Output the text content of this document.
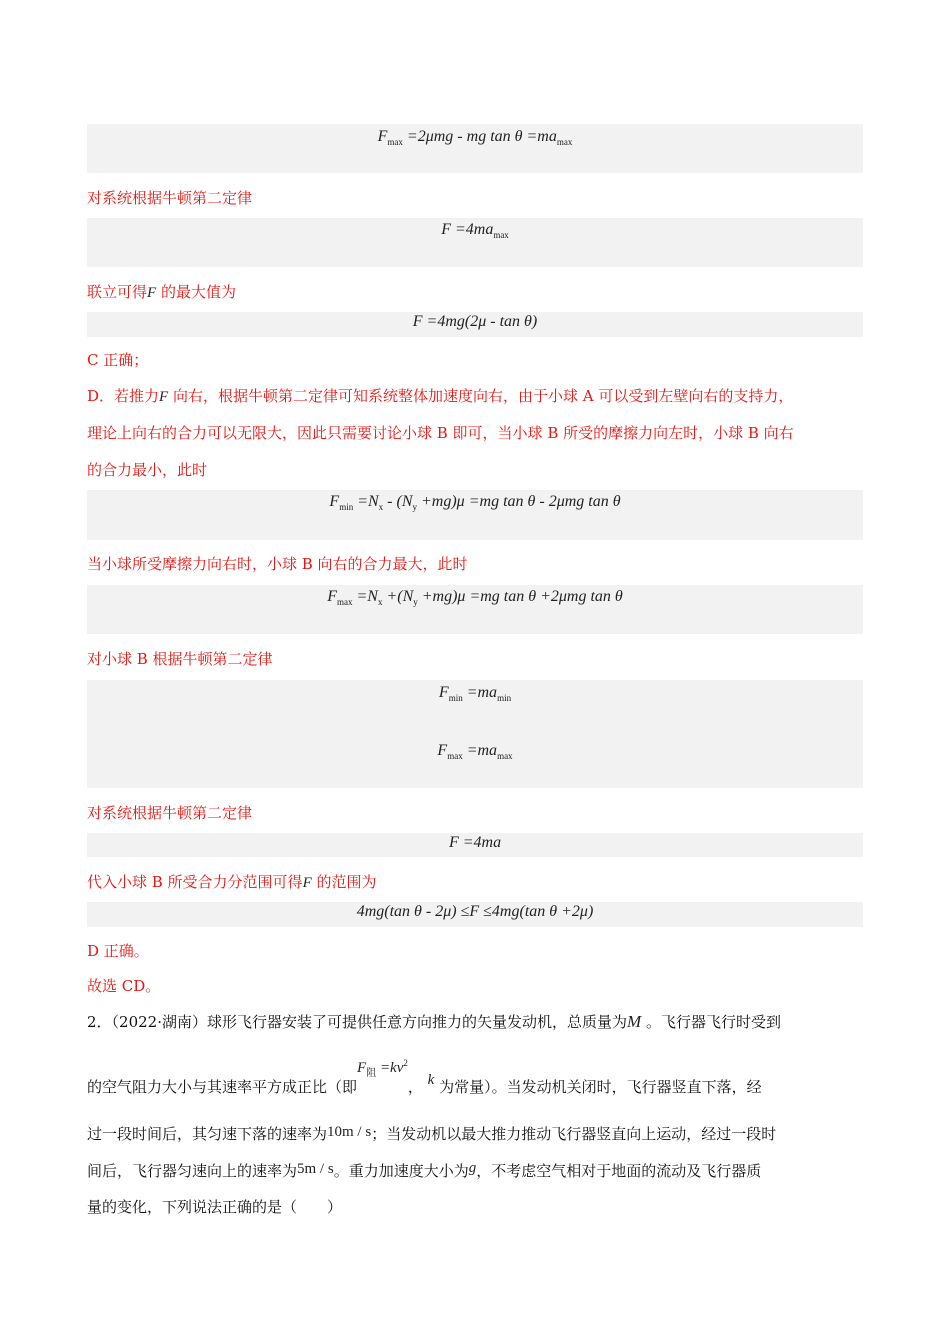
$F_{max} =2\mu mg$ - mg $\tan \theta =ma_{max}$
对系统根据牛顿第二定律
$F =4ma_{max}$
联立可得F 的最大值为
F =4mg(2μ - tan θ)
C 正确；
D．若推力F 向右，根据牛顿第二定律可知系统整体加速度向右，由于小球 A 可以受到左壁向右的支持力，
理论上向右的合力可以无限大，因此只需要讨论小球 B 即可，当小球 B 所受的摩擦力向左时，小球 B 向右
的合力最小，此时
$F_{min} =N_x - (N_y +mg)\mu =mg$ tan θ - 2μmg tan θ
当小球所受摩擦力向右时，小球 B 向右的合力最大，此时
$F_{max} =N_x +(N_y +mg)\mu =mg$ tan θ +2μmg tan θ
对小球 B 根据牛顿第二定律
$F_{min} =ma_{min}$
$F_{max} =ma_{max}$
对系统根据牛顿第二定律
F =4ma
代入小球 B 所受合力分范围可得F 的范围为
4mg(tan θ - 2μ) ≤F ≤4mg(tan θ +2μ)
D 正确。
故选 CD。
2．（2022·湖南）球形飞行器安装了可提供任意方向推力的矢量发动机，总质量为M 。飞行器飞行时受到
的空气阻力大小与其速率平方成正比（即$F_阻 =kv^2$， k 为常量）。当发动机关闭时，飞行器竖直下落，经
过一段时间后，其匀速下落的速率为10m / s；当发动机以最大推力推动飞行器竖直向上运动，经过一段时
间后，飞行器匀速向上的速率为5m / s。重力加速度大小为g，不考虑空气相对于地面的流动及飞行器质
量的变化，下列说法正确的是（　　）
